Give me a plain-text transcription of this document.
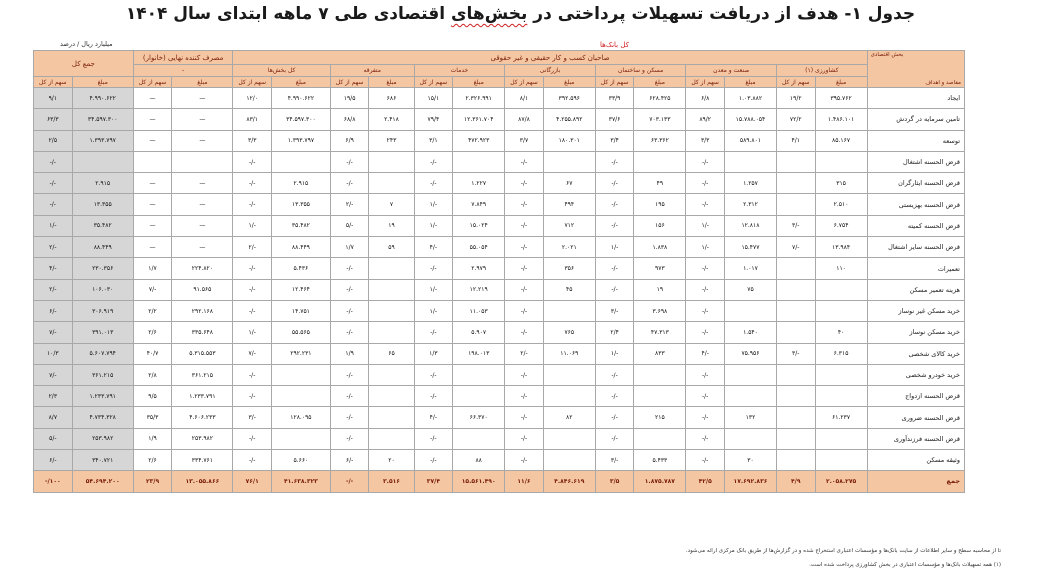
جدول ۱- هدف از دریافت تسهیلات پرداختی در بخش‌های اقتصادی طی ۷ ماهه ابتدای سال ۱۴۰۴
میلیارد ریال / درصد	کل بانک‌ها
بخش اقتصادی
مقاصد و اهداف	صاحبان کسب و کار حقیقی و غیر حقوقی														مصرف کننده نهایی (خانوار)		جمع کل	
	کشاورزی (۱)		صنعت و معدن		مسکن و ساختمان		بازرگانی		خدمات		متفرقه		کل بخش‌ها		-			
	مبلغ	سهم از کل	مبلغ	سهم از کل	مبلغ	سهم از کل	مبلغ	سهم از کل	مبلغ	سهم از کل	مبلغ	سهم از کل	مبلغ	سهم از کل	مبلغ	سهم از کل	مبلغ	سهم از کل
ایجاد	۳۹۵.۷۶۲	۱۹/۲	۱.۰۳.۸۸۲	۶/۸	۶۲۸.۴۲۵	۳۳/۹	۳۹۲.۵۹۶	۸/۱	۲.۳۲۶.۹۹۱	۱۵/۱	۶۸۶	۱۹/۵	۴.۹۹۰.۶۲۲	۱۲/۰	—	—	۴.۹۹۰.۶۲۲	۹/۱
تامین سرمایه در گردش	۱.۴۸۶.۱۰۱	۷۲/۲	۱۵.۷۸۸.۰۵۴	۸۹/۲	۷۰۳.۱۳۳	۳۷/۶	۴.۲۵۵.۸۹۲	۸۷/۸	۱۲.۳۶۱.۷۰۴	۷۹/۴	۲.۴۱۸	۶۸/۸	۳۴.۵۹۷.۳۰۰	۸۳/۱	—	—	۳۴.۵۹۷.۳۰۰	۶۳/۳
توسعه	۸۵.۱۶۷	۴/۱	۵۸۹.۸۰۱	۳/۳	۶۳.۳۶۲	۳/۴	۱۸۰.۳۰۱	۳/۷	۴۷۲.۹۲۳	۳/۱	۲۴۳	۶/۹	۱.۳۹۳.۷۹۷	۳/۳	—	—	۱.۳۹۳.۷۹۷	۲/۵
قرض الحسنه اشتغال				-/-		-/-		-/-		-/-		-/-		-/-				-/-
قرض الحسنه ایثارگران	۳۱۵		۱.۲۵۷	-/-	۴۹	-/-	۶۷	-/-	۱.۲۲۷	-/-		-/-	۲.۹۱۵	-/-	—	—	۲.۹۱۵	-/-
قرض الحسنه بهزیستی	۲.۵۱۰		۲.۳۱۲	-/-	۱۹۵	-/-	۴۹۴	-/-	۷.۸۴۹	-/۱	۷	-/۲	۱۳.۳۵۵	-/-	—	—	۱۳.۳۵۵	-/-
قرض الحسنه کمیته	۶.۷۵۴	-/۳	۱۲.۸۱۸	-/۱	۱۵۶	-/-	۷۱۲	-/-	۱۵.۰۲۴	-/۱	۱۹	-/۵	۳۵.۴۸۲	-/۱	—	—	۳۵.۴۸۲	-/۱
قرض الحسنه سایر اشتغال	۱۳.۹۸۴	-/۷	۱۵.۴۷۷	-/۱	۱.۸۳۸	-/۱	۲.۰۲۱	-/-	۵۵.۰۵۴	-/۴	۵۹	۱/۷	۸۸.۴۴۹	-/۲	—	—	۸۸.۴۴۹	-/۲
تعمیرات	۱۱۰		۱.۰۱۷	-/-	۹۷۳	-/-	۳۵۶	-/-	۲.۹۷۹	-/-		-/-	۵.۴۳۶	-/-	۲۲۴.۸۲۰	۱/۷	۲۳۰.۳۵۶	-/۴
هزینه تعمیر مسکن			۷۵	-/-	۱۹	-/-	۴۵	-/-	۱۲.۲۱۹	-/۱		-/-	۱۲.۴۶۴	-/-	۹۱.۵۶۵	-/۷	۱۰۶.۰۳۰	-/۲
خرید مسکن غیر نوساز				-/-	۳.۶۹۸	-/۳		-/-	۱۱.۰۵۳	-/۱		-/-	۱۴.۷۵۱	-/-	۲۹۲.۱۶۸	۲/۲	۳۰۶.۹۱۹	-/۶
خرید مسکن نوساز	۴۰		۱.۵۴۰	-/-	۴۷.۳۱۳	۲/۴	۷۶۵	-/-	۵.۹۰۷	-/-		-/-	۵۵.۵۶۵	-/۱	۳۳۵.۶۴۸	۲/۶	۳۹۱.۰۱۳	-/۷
خرید کالای شخصی	۶.۳۱۵	-/۳	۷۵.۹۵۶	-/۴	۸۳۳	-/۱	۱۱.۰۶۹	-/۲	۱۹۸.۰۱۳	۱/۳	۶۵	۱/۹	۲۹۲.۲۳۱	-/۷	۵.۳۱۵.۵۵۳	۴۰/۷	۵.۶۰۷.۷۹۴	۱۰/۳
خرید خودرو شخصی				-/-		-/-		-/-		-/-		-/-		-/-	۳۶۱.۲۱۵	۲/۸	۳۶۱.۲۱۵	-/۷
قرض الحسنه ازدواج				-/-		-/-		-/-		-/-		-/-		-/-	۱.۲۳۳.۷۹۱	۹/۵	۱.۲۳۳.۷۹۱	۲/۳
قرض الحسنه ضروری	۶۱.۲۳۷		۱۳۲	-/-	۲۱۵	-/-	۸۲	-/-	۶۶.۳۷۰	-/۴		-/-	۱۲۸.۰۹۵	-/۳	۴.۶۰۶.۲۳۳	۳۵/۳	۴.۷۳۴.۳۲۸	۸/۷
قرض الحسنه فرزندآوری				-/-		-/-		-/-		-/-		-/-		-/-	۲۵۳.۹۸۲	۱/۹	۲۵۳.۹۸۲	-/۵
وثیقه مسکن			۳۰	-/-	۵.۴۳۳	-/۳		-/-	۸۸	-/-	۲۰	-/۶	۵.۶۶۰	-/-	۳۳۴.۷۶۱	۲/۶	۳۴۰.۷۲۱	-/۶
جمع	۲.۰۵۸.۲۷۵	۴/۹	۱۷.۶۹۲.۸۳۶	۴۲/۵	۱.۸۷۵.۷۸۷	۳/۵	۴.۸۴۶.۶۱۹	۱۱/۶	۱۵.۵۶۱.۴۹۰	۳۷/۴	۳.۵۱۶	-/-	۴۱.۶۳۸.۳۲۳	۷۶/۱	۱۳.۰۵۵.۸۶۶	۲۳/۹	۵۴.۶۹۴.۲۰۰	۱۰۰/-
تا از محاسبه سطح و سایر اطلاعات از سایت بانک‌ها و مؤسسات اعتباری استخراج شده و در گزارش‌ها از طریق بانک مرکزی ارائه می‌شود.
(۱) همه تسهیلات بانک‌ها و مؤسسات اعتباری در بخش کشاورزی پرداخت شده است.
